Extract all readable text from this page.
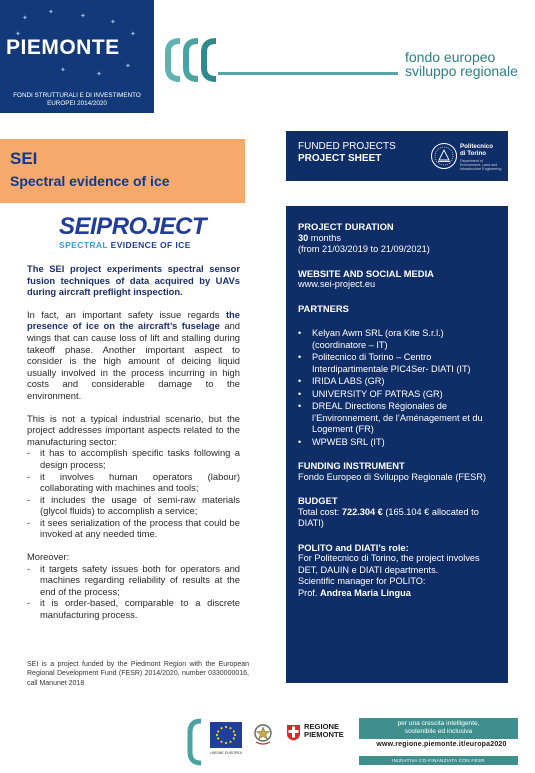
✦
✦
✦
✦
✦
✦
✦
✦
✦
PIEMONTE
FONDI STRUTTURALI E DI INVESTIMENTO
EUROPEI 2014/2020
fondo europeo
sviluppo regionale
SEI
Spectral evidence of ice
SEIPROJECT
SPECTRAL EVIDENCE OF ICE

The SEI project experiments spectral sensor fusion techniques of data acquired by UAVs during aircraft preflight inspection.

In fact, an important safety issue regards the presence of ice on the aircraft’s fuselage and wings that can cause loss of lift and stalling during takeoff phase. Another important aspect to consider is the high amount of deicing liquid usually involved in the process incurring in high costs and considerable damage to the environment.

This is not a typical industrial scenario, but the project addresses important aspects related to the manufacturing sector:

- it has to accomplish specific tasks following a design process;
- it involves human operators (labour) collaborating with machines and tools;
- it includes the usage of semi-raw materials (glycol fluids) to accomplish a service;
- it sees serialization of the process that could be invoked at any needed time.

Moreover:

- it targets safety issues both for operators and machines regarding reliability of results at the end of the process;
- it is order-based, comparable to a discrete manufacturing process.
SEI is a project funded by the Piedmont Region with the European Regional Development Fund (FESR) 2014/2020, number 0330000016, call Manunet 2018
FUNDED PROJECTS
PROJECT SHEET
Politecnico
di Torino
Department of Environment, Land and Infrastructure Engineering
PROJECT DURATION
30 months
(from 21/03/2019 to 21/09/2021)
WEBSITE AND SOCIAL MEDIA
www.sei-project.eu
PARTNERS
• Kelyan Awm SRL (ora Kite S.r.l.) (coordinatore – IT)
• Politecnico di Torino – Centro Interdipartimentale PIC4Ser- DIATI (IT)
• IRIDA LABS (GR)
• UNIVERSITY OF PATRAS (GR)
• DREAL Directions Régionales de l’Environnement, de l’Aménagement et du Logement (FR)
• WPWEB SRL (IT)
FUNDING INSTRUMENT
Fondo Europeo di Sviluppo Regionale (FESR)
BUDGET
Total cost: 722.304 € (165.104 € allocated to DIATI)
POLITO and DIATI’s role:
For Politecnico di Torino, the project involves DET, DAUIN e DIATI departments.
Scientific manager for POLITO:
Prof. Andrea Maria Lingua
UNIONE EUROPEA
REGIONE
PIEMONTE
per una crescita intelligente,
sostenibile ed inclusiva
www.regione.piemonte.it/europa2020
INIZIATIVA CO-FINANZIATA CON FESR
